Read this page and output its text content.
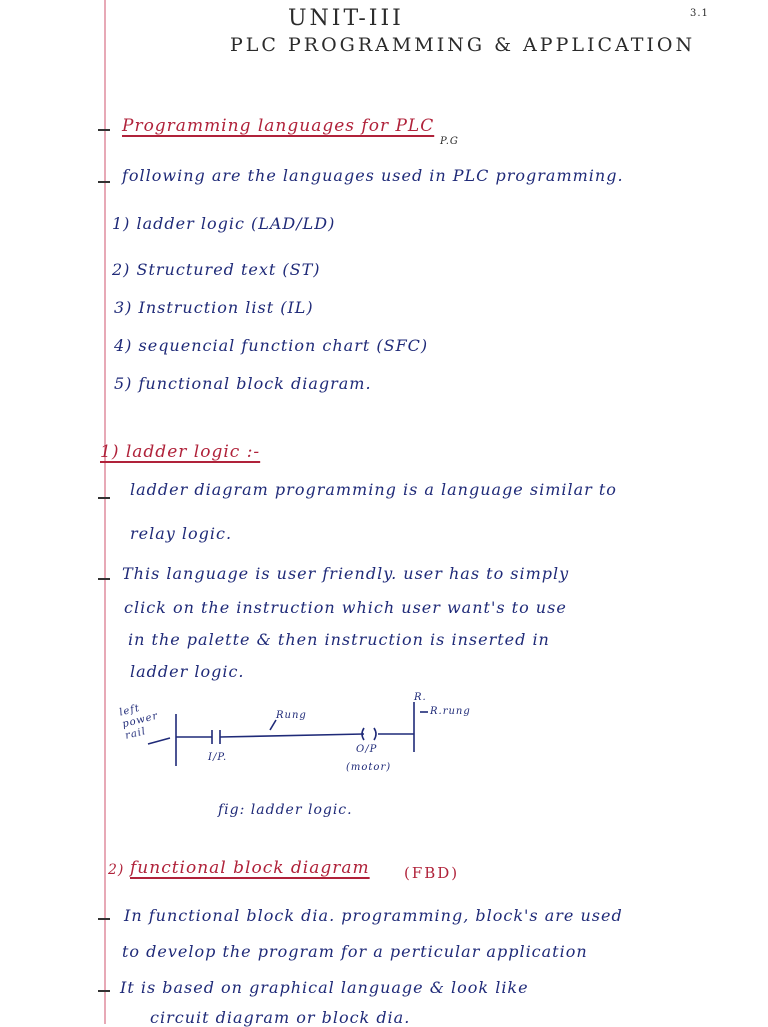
UNIT-III	3.1
PLC PROGRAMMING & APPLICATION
Programming languages for PLC
P.G
following are the languages used in PLC programming.
1) ladder logic (LAD/LD)
2) Structured text (ST)
3) Instruction list (IL)
4) sequencial function chart (SFC)
5) functional block diagram.
1) ladder logic :-
ladder diagram programming is a language similar to
relay logic.
This language is user friendly. user has to simply
click on the instruction which user want's to use
in the palette & then instruction is inserted in
ladder logic.
left power rail
Rung
I/P.
O/P
(motor)
R.
R.rung
fig: ladder logic.
2) functional block diagram (FBD)
In functional block dia. programming, block's are used
to develop the program for a perticular application
It is based on graphical language & look like
circuit diagram or block dia.
